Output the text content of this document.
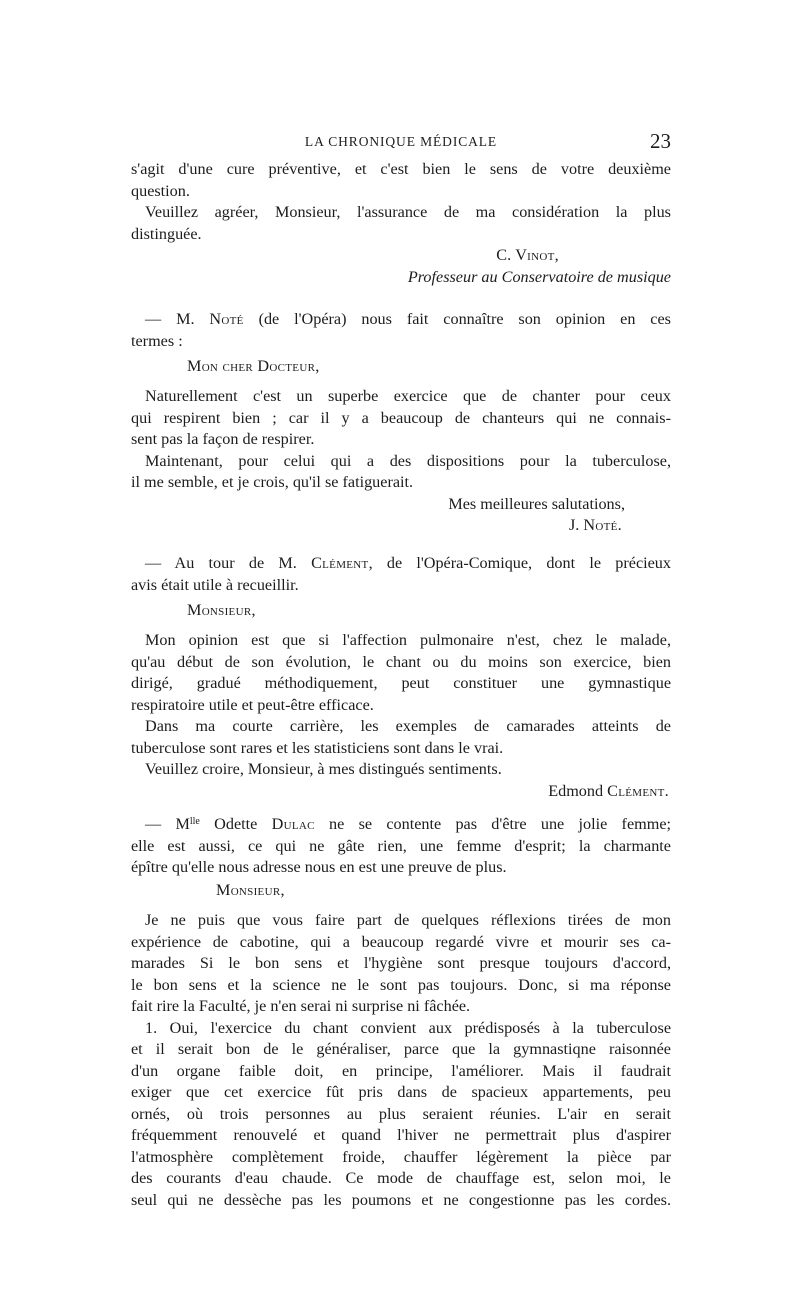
LA CHRONIQUE MÉDICALE	23
s'agit d'une cure préventive, et c'est bien le sens de votre deuxième
question.
Veuillez agréer, Monsieur, l'assurance de ma considération la plus
distinguée.
C. Vinot,
Professeur au Conservatoire de musique
— M. Noté (de l'Opéra) nous fait connaître son opinion en ces
termes :
Mon cher Docteur,
Naturellement c'est un superbe exercice que de chanter pour ceux
qui respirent bien ; car il y a beaucoup de chanteurs qui ne connais-
sent pas la façon de respirer.
Maintenant, pour celui qui a des dispositions pour la tuberculose,
il me semble, et je crois, qu'il se fatiguerait.
Mes meilleures salutations,
J. Noté.
— Au tour de M. Clément, de l'Opéra-Comique, dont le précieux
avis était utile à recueillir.
Monsieur,
Mon opinion est que si l'affection pulmonaire n'est, chez le malade,
qu'au début de son évolution, le chant ou du moins son exercice, bien
dirigé, gradué méthodiquement, peut constituer une gymnastique
respiratoire utile et peut-être efficace.
Dans ma courte carrière, les exemples de camarades atteints de
tuberculose sont rares et les statisticiens sont dans le vrai.
Veuillez croire, Monsieur, à mes distingués sentiments.
Edmond Clément.
— $M^{lle}$ Odette Dulac ne se contente pas d'être une jolie femme;
elle est aussi, ce qui ne gâte rien, une femme d'esprit; la charmante
épître qu'elle nous adresse nous en est une preuve de plus.
Monsieur,
Je ne puis que vous faire part de quelques réflexions tirées de mon
expérience de cabotine, qui a beaucoup regardé vivre et mourir ses ca-
marades Si le bon sens et l'hygiène sont presque toujours d'accord,
le bon sens et la science ne le sont pas toujours. Donc, si ma réponse
fait rire la Faculté, je n'en serai ni surprise ni fâchée.
1. Oui, l'exercice du chant convient aux prédisposés à la tuberculose
et il serait bon de le généraliser, parce que la gymnastiqne raisonnée
d'un organe faible doit, en principe, l'améliorer. Mais il faudrait
exiger que cet exercice fût pris dans de spacieux appartements, peu
ornés, où trois personnes au plus seraient réunies. L'air en serait
fréquemment renouvelé et quand l'hiver ne permettrait plus d'aspirer
l'atmosphère complètement froide, chauffer légèrement la pièce par
des courants d'eau chaude. Ce mode de chauffage est, selon moi, le
seul qui ne dessèche pas les poumons et ne congestionne pas les cordes.
